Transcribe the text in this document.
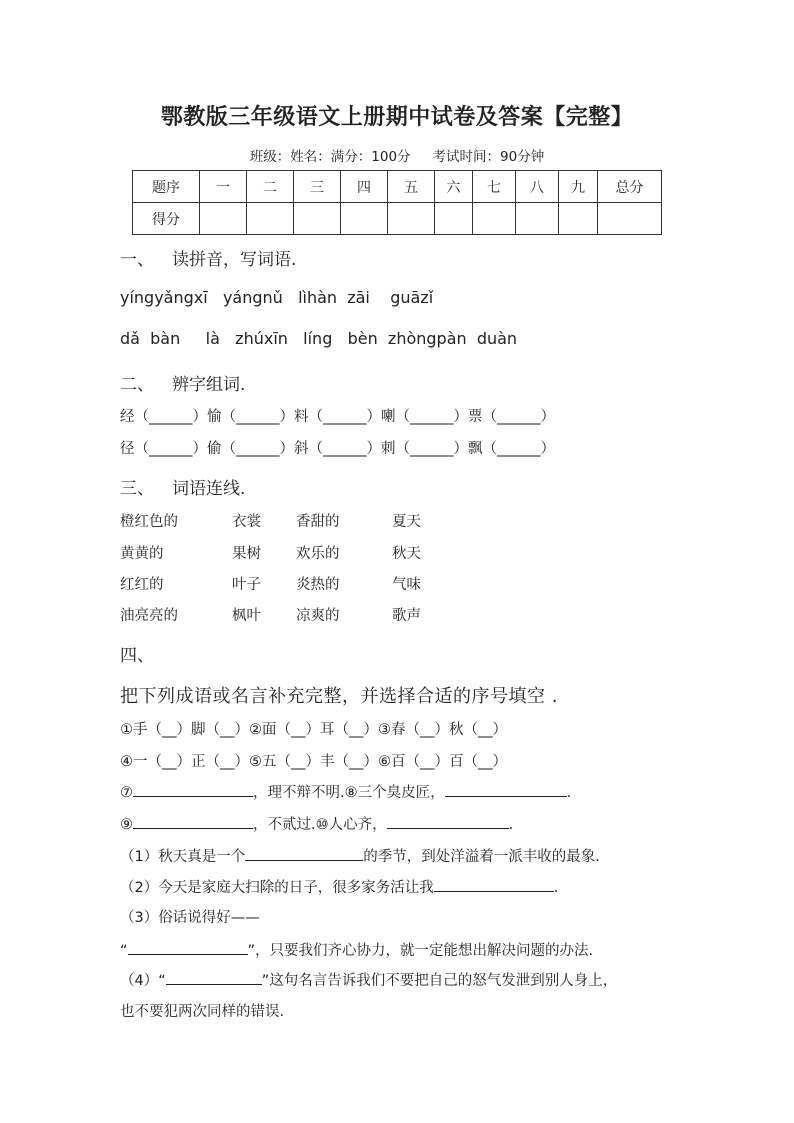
鄂教版三年级语文上册期中试卷及答案【完整】
班级：姓名：满分：100分 考试时间：90分钟
题序	一	二	三	四	五	六	七	八	九	总分
得分										
一、 读拼音，写词语.
yíngyǎngxī   yángnǔ   lìhàn  zāi    guāzǐ
dǎ  bàn     là   zhúxīn   líng   bèn  zhòngpàn  duàn
二、 辨字组词.
经（______）愉（______）料（______）喇（______）票（______）
径（______）偷（______）斜（______）刺（______）飘（______）
三、 词语连线.
橙红色的	衣裳 香甜的	夏天
黄黄的	果树 欢乐的	秋天
红红的	叶子 炎热的	气味
油亮亮的	枫叶 凉爽的	歌声
四、
把下列成语或名言补充完整，并选择合适的序号填空 .
①手（__）脚（__）②面（__）耳（__）③春（__）秋（__）
④一（__）正（__）⑤五（__）丰（__）⑥百（__）百（__）
⑦	，理不辩不明.⑧三个臭皮匠，	.
⑨	，不贰过.⑩人心齐，	.
（1）秋天真是一个	的季节，到处洋溢着一派丰收的最象.
（2）今天是家庭大扫除的日子，很多家务活让我	.
（3）俗话说得好——
“	”，只要我们齐心协力，就一定能想出解决问题的办法.
（4）“	”这句名言告诉我们不要把自己的怒气发泄到别人身上，
也不要犯两次同样的错误.
